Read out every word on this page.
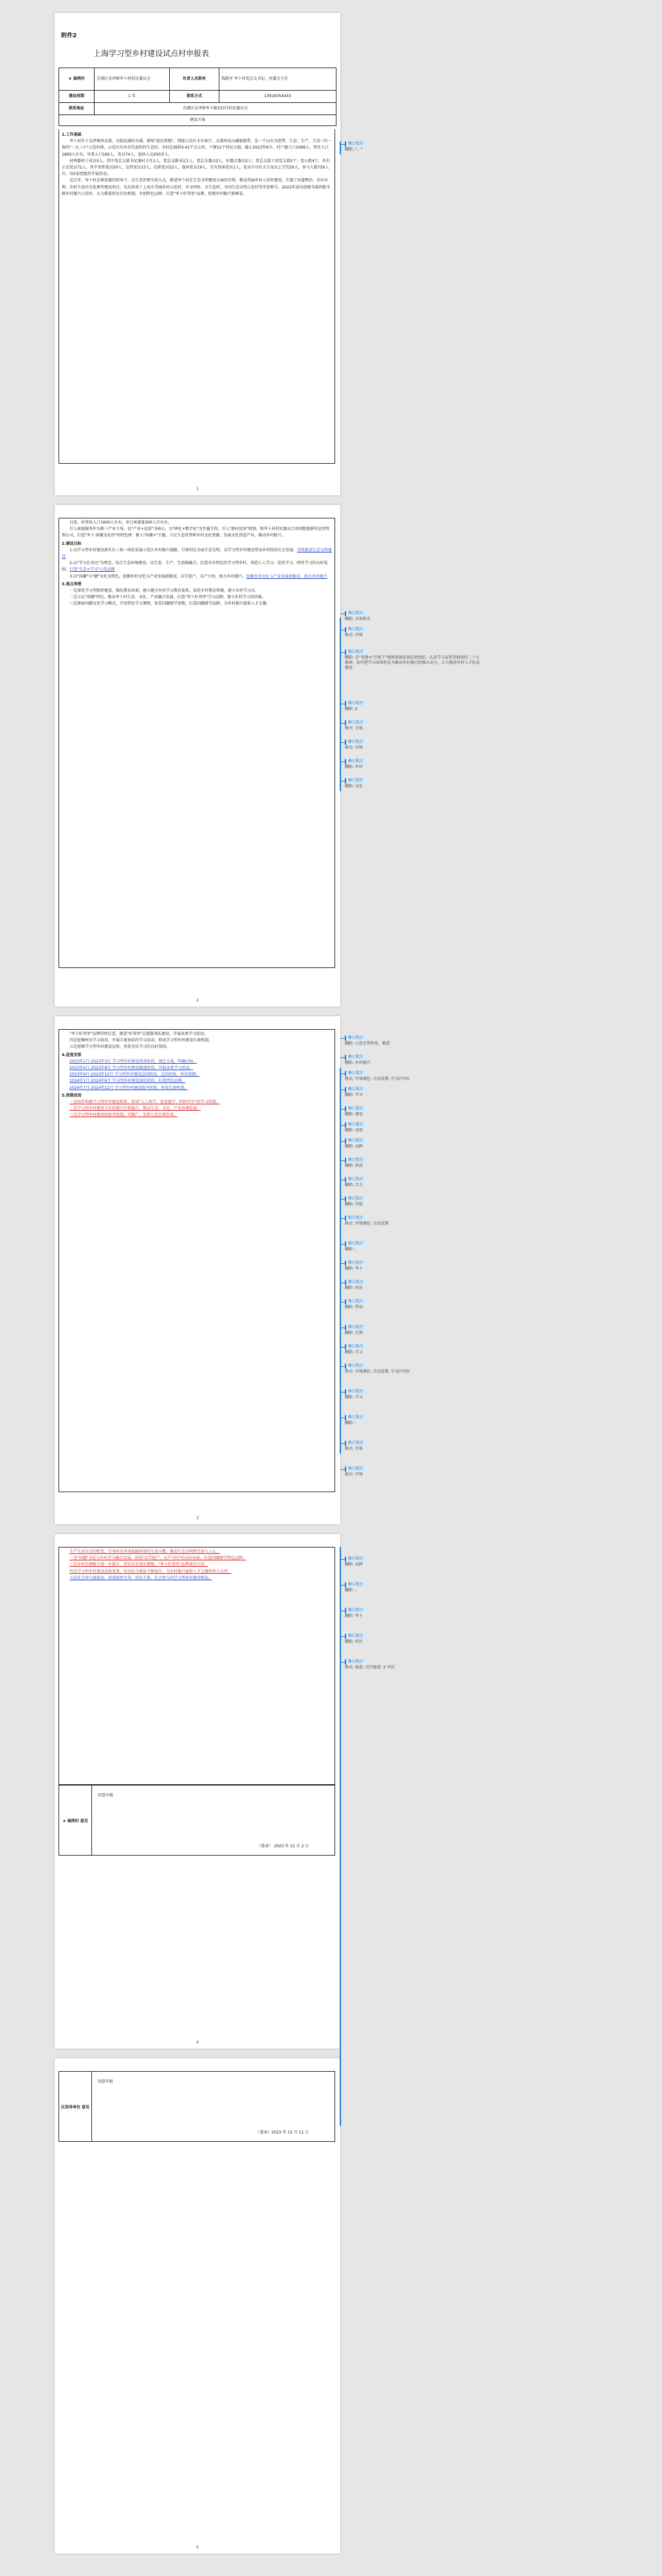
附件2
上海学习型乡村建设试点村申报表
★ 案例村	青浦区金泽镇岑卜村村民委员会	负责人及职务	钱凯军 岑卜村党总支书记、村委会主任
建设周期	1 年	联系方式	13916054433
联系地址	青浦区金泽镇岑卜路333号村民委员会		
建设方案			
1.工作基础

岑卜村位于金泽镇西北部，东临淀湖的水域，紧贴"蓝色珠链"，西接示范区水乡客厅，北靠环淀山湖旅游带，是一个以水为纽带，生态、生产、生活三位一体的"一大三小"示范村落，示范区内具有代表性的生态村。全村总面积4.41平方公里，下辖12个村民小组，截止2023年6月，村户籍人口1099人，常住人口1800人左右，外来人口165人，党员74人，退休人员200余人。

村两委班子成员5人，其中党总支部书记兼村主任1人，党总支副书记1人，党总支委员2人，村委会委员2人；党总支部下设党支部2个；党小组4个，共有正式党员71人，其中男性党员50人，女性党员13人，在职党员52人，退休党员19人，另有预备党员1人。党员中具有大专及以上学历20人，参与人数756人次，每5家党组织开展活动。

近几年，岑卜村在镇党委的指导下，以生态治理为切入点，推进岑卜村在生态文明建设方面的引领，推动美丽乡村示范村建设，实施了河道整治、农田水利、农村生活污水处理等建设项目，先后获得了上海市美丽乡村示范村、市文明村、市生态村、全国生态文明示范村等荣誉称号，2022年成功创建为第四批市级乡村振兴示范村，大力推进村民自治机制，争创特色品牌，打造"岑卜好邻里"品牌，绘就乡村振兴新画卷。

1

目前，村常驻人口1600人左右，单日客流量300人次左右。

引入商旅服务作为新三产业主导，以"产业+运营"为核心，以"IP化+数字化"为实施手段，引入"新村运营"机制，和岑卜村村民委员会共同组建新村运营管理公司，打造"岑卜·国潮文化村"的特色IP，植入"国潮+"主题，立足生态优势和乡村文化资源，发展文化创意产业，推动乡村振兴。

2.建设目标

1.以学习型乡村建设落实长三角一体化发展示范区乡村振兴战略，引领村民全面生态文明，以学习型乡村建设带动乡村经济社会发展。持续推进生态文明建设

2.以"学习在身边"为理念，结合生态环境建设，以生态、生产、生活相融合，打造具有特色的学习型乡村，营造人人学习、处处学习、时时学习的良好氛围。打造"生态+学习"示范品牌

3.以"国潮"与"潮"文化为特色，挖掘乡村文化与产业发展新路径，以学促产，以产兴村，助力乡村振兴。挖掘乡村文化与产业发展新路径，助力乡村振兴

3.重点举措

一是深化学习型组织建设，强化教育培训，建立健全乡村学习教育体系，依托乡村教育资源，建立乡村学习点。

二是立足"国潮"特色，推动岑卜村生态、文化、产业融合发展，打造"岑卜好邻里"学习品牌，建立乡村学习共同体。

三是探索国潮文化学习模式，开发特色学习课程，依托国潮研学基地，打造国潮研学品牌，为乡村振兴提供人才支撑。

2

"岑卜好邻里"品牌持续打造，推进"好邻里"志愿服务队建设，开展各类学习活动。

四是挖掘村民学习需求，开展丰富多彩的学习活动，形成学习型乡村建设长效机制。

五是加强学习型乡村建设宣传，营造全民学习的良好氛围。

4.进度安排

2023年1月-2023年3月 学习型乡村建设筹备阶段，制定方案，明确目标。

2023年4月-2023年8月 学习型乡村建设推进阶段，开展各类学习活动。

2023年9月-2023年12月 学习型乡村建设总结阶段，总结经验，形成案例。

2024年1月-2024年6月 学习型乡村建设深化阶段，打造特色品牌。

2024年7月-2024年12月 学习型乡村建设提升阶段，形成长效机制。

5.预期成效

一是初步构建学习型乡村建设体系，形成"人人皆学、处处能学、时时可学"的学习氛围。

二是学习型乡村建设与乡村振兴有机融合，推动生态、文化、产业协调发展。

三是学习型乡村建设经验可复制、可推广，发挥示范引领作用。

3

生产生活方式的转变，引导村民养成低碳环保的生活习惯，推动生态文明理念深入人心。

二是"国潮"文化与乡村学习融合发展，形成"以学促产、以产兴村"的良好局面，打造国潮研学特色品牌。

三是乡村治理能力进一步提升，村民自治意识增强，"岑卜好邻里"品牌效应凸显。

四是学习型乡村建设成效显著，村民综合素质不断提升，为乡村振兴提供人才支撑和智力支持。

五是社会参与度提高，形成政府主导、村民主体、社会参与的学习型乡村建设格局。

★ 案例村 意见
同意申报
（盖章） 2023 年 12 月 2 日
4
区指导单位 意见
同意申报
（盖章）2023 年 12 月 11 日
5
修订批注
删除: "、"
修订批注
删除: 具备相关
修订批注
格式: 字体
修订批注
删除: 在"党建+"引领下"规则来规范基层党组织、认真学习宣传贯彻党的二十大精神，切实把学习成果转化为推动乡村振兴的强大动力，大力推进乡村人才队伍建设
修订批注
删除: 2
修订批注
格式: 字体
修订批注
格式: 字体
修订批注
删除: 乡村
修订批注
删除: 文化
修订批注
删除: 示范引领作用，推进
修订批注
删除: 乡村振兴
修订批注
格式: 字体颜色: 自动设置, 中文(中国)
修订批注
删除: 学习
修订批注
删除: 建设
修订批注
删除: 成效
修订批注
删除: 品牌
修订批注
删除: 形成
修订批注
删除: 合力
修订批注
删除: 等级
修订批注
格式: 字体颜色: 自动设置
修订批注
删除: 。
修订批注
删除: 岑卜
修订批注
删除: 村民
修订批注
删除: 带动
修订批注
删除: 引领
修订批注
删除: 学习
修订批注
格式: 字体颜色: 自动设置, 中文(中国)
修订批注
删除: 学习
修订批注
删除: 。
修订批注
格式: 字体
修订批注
格式: 字体
修订批注
删除: 品牌
修订批注
删除: 。
修订批注
删除: 岑卜
修订批注
删除: 村民
修订批注
格式: 缩进: 首行缩进: 2 字符
